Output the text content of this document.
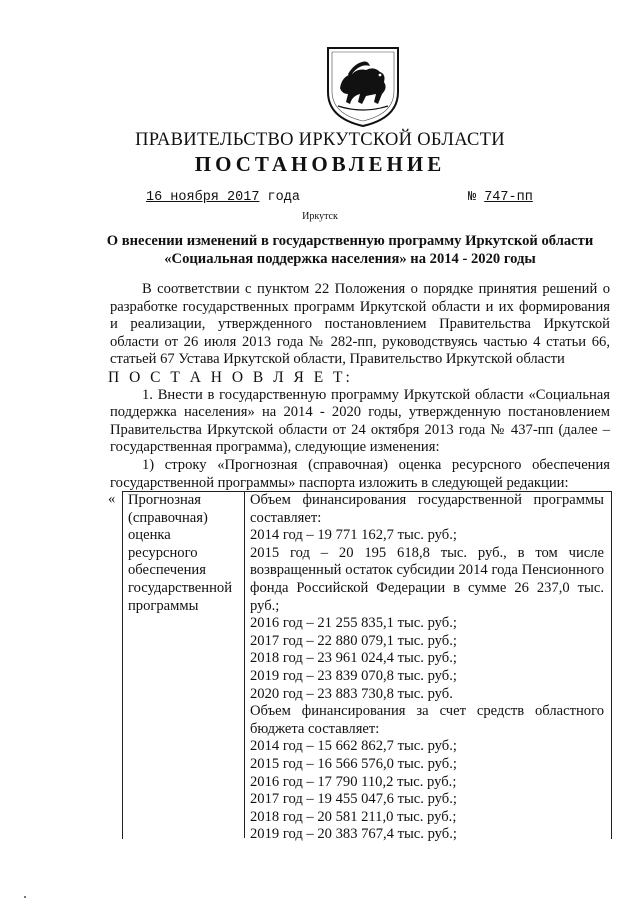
ПРАВИТЕЛЬСТВО ИРКУТСКОЙ ОБЛАСТИ
ПОСТАНОВЛЕНИЕ
16 ноября 2017 года	№ 747-пп
Иркутск
О внесении изменений в государственную программу Иркутской области «Социальная поддержка населения» на 2014 - 2020 годы

В соответствии с пунктом 22 Положения о порядке принятия решений о разработке государственных программ Иркутской области и их формирования и реализации, утвержденного постановлением Правительства Иркутской области от 26 июля 2013 года № 282-пп, руководствуясь частью 4 статьи 66, статьей 67 Устава Иркутской области, Правительство Иркутской области

П О С Т А Н О В Л Я Е Т:

1. Внести в государственную программу Иркутской области «Социальная поддержка населения» на 2014 - 2020 годы, утвержденную постановлением Правительства Иркутской области от 24 октября 2013 года № 437-пп (далее – государственная программа), следующие изменения:

1) строку «Прогнозная (справочная) оценка ресурсного обеспечения государственной программы» паспорта изложить в следующей редакции:

« Прогнозная (справочная) оценка ресурсного обеспечения государственной программы
Объем финансирования государственной программы составляет:
2014 год – 19 771 162,7 тыс. руб.;
2015 год – 20 195 618,8 тыс. руб., в том числе возвращенный остаток субсидии 2014 года Пенсионного фонда Российской Федерации в сумме 26 237,0 тыс. руб.;
2016 год – 21 255 835,1 тыс. руб.;
2017 год – 22 880 079,1 тыс. руб.;
2018 год – 23 961 024,4 тыс. руб.;
2019 год – 23 839 070,8 тыс. руб.;
2020 год – 23 883 730,8 тыс. руб.
Объем финансирования за счет средств областного бюджета составляет:
2014 год – 15 662 862,7 тыс. руб.;
2015 год – 16 566 576,0 тыс. руб.;
2016 год – 17 790 110,2 тыс. руб.;
2017 год – 19 455 047,6 тыс. руб.;
2018 год – 20 581 211,0 тыс. руб.;
2019 год – 20 383 767,4 тыс. руб.;
